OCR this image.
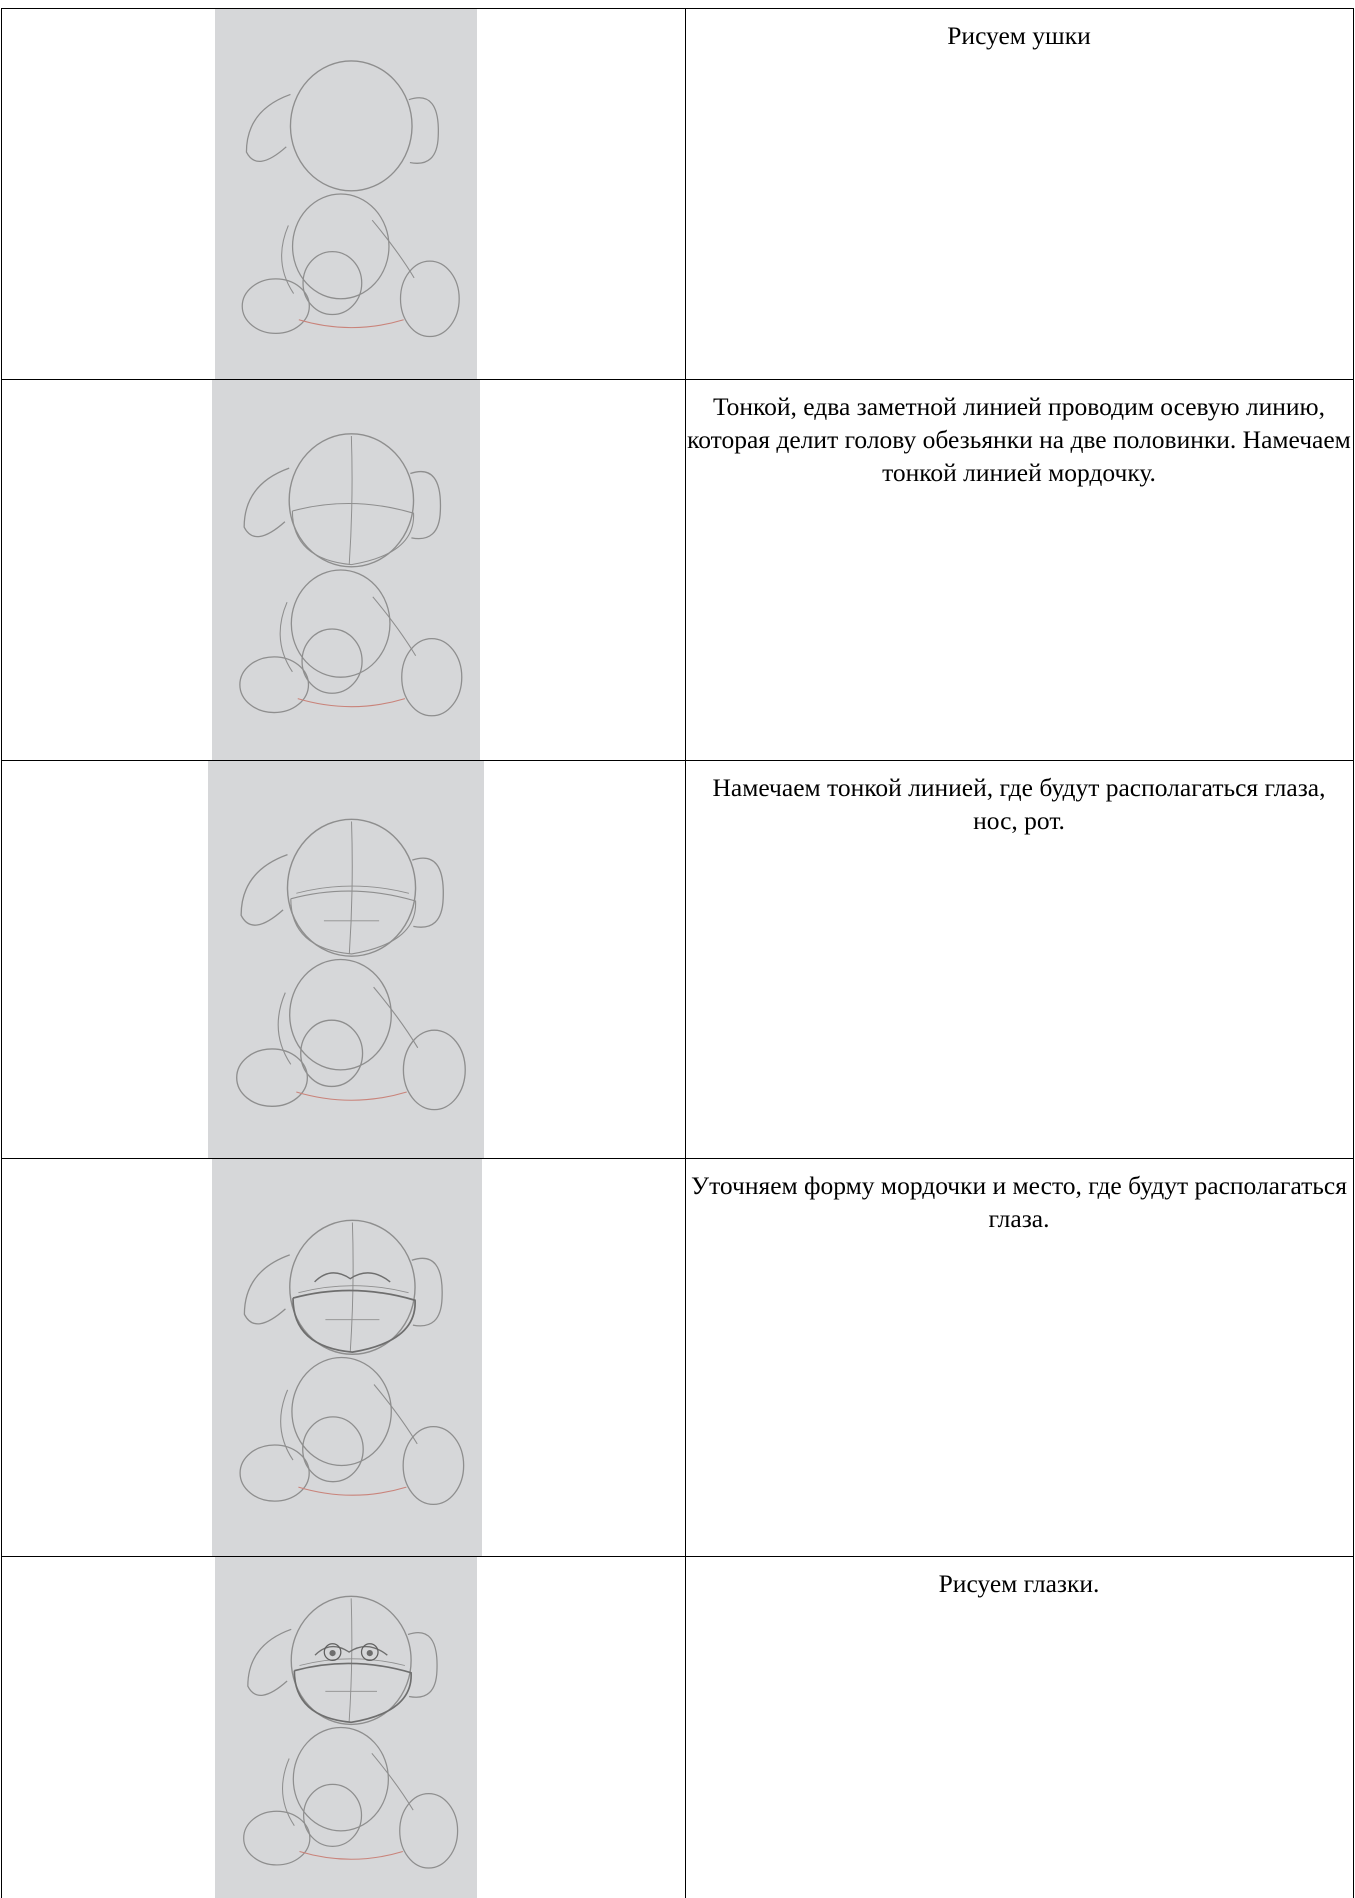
Рисуем ушки
Тонкой, едва заметной линией проводим осевую линию, которая делит голову обезьянки на две половинки. Намечаем тонкой линией мордочку.
Намечаем тонкой линией, где будут располагаться глаза, нос, рот.
Уточняем форму мордочки и место, где будут располагаться глаза.
Рисуем глазки.
